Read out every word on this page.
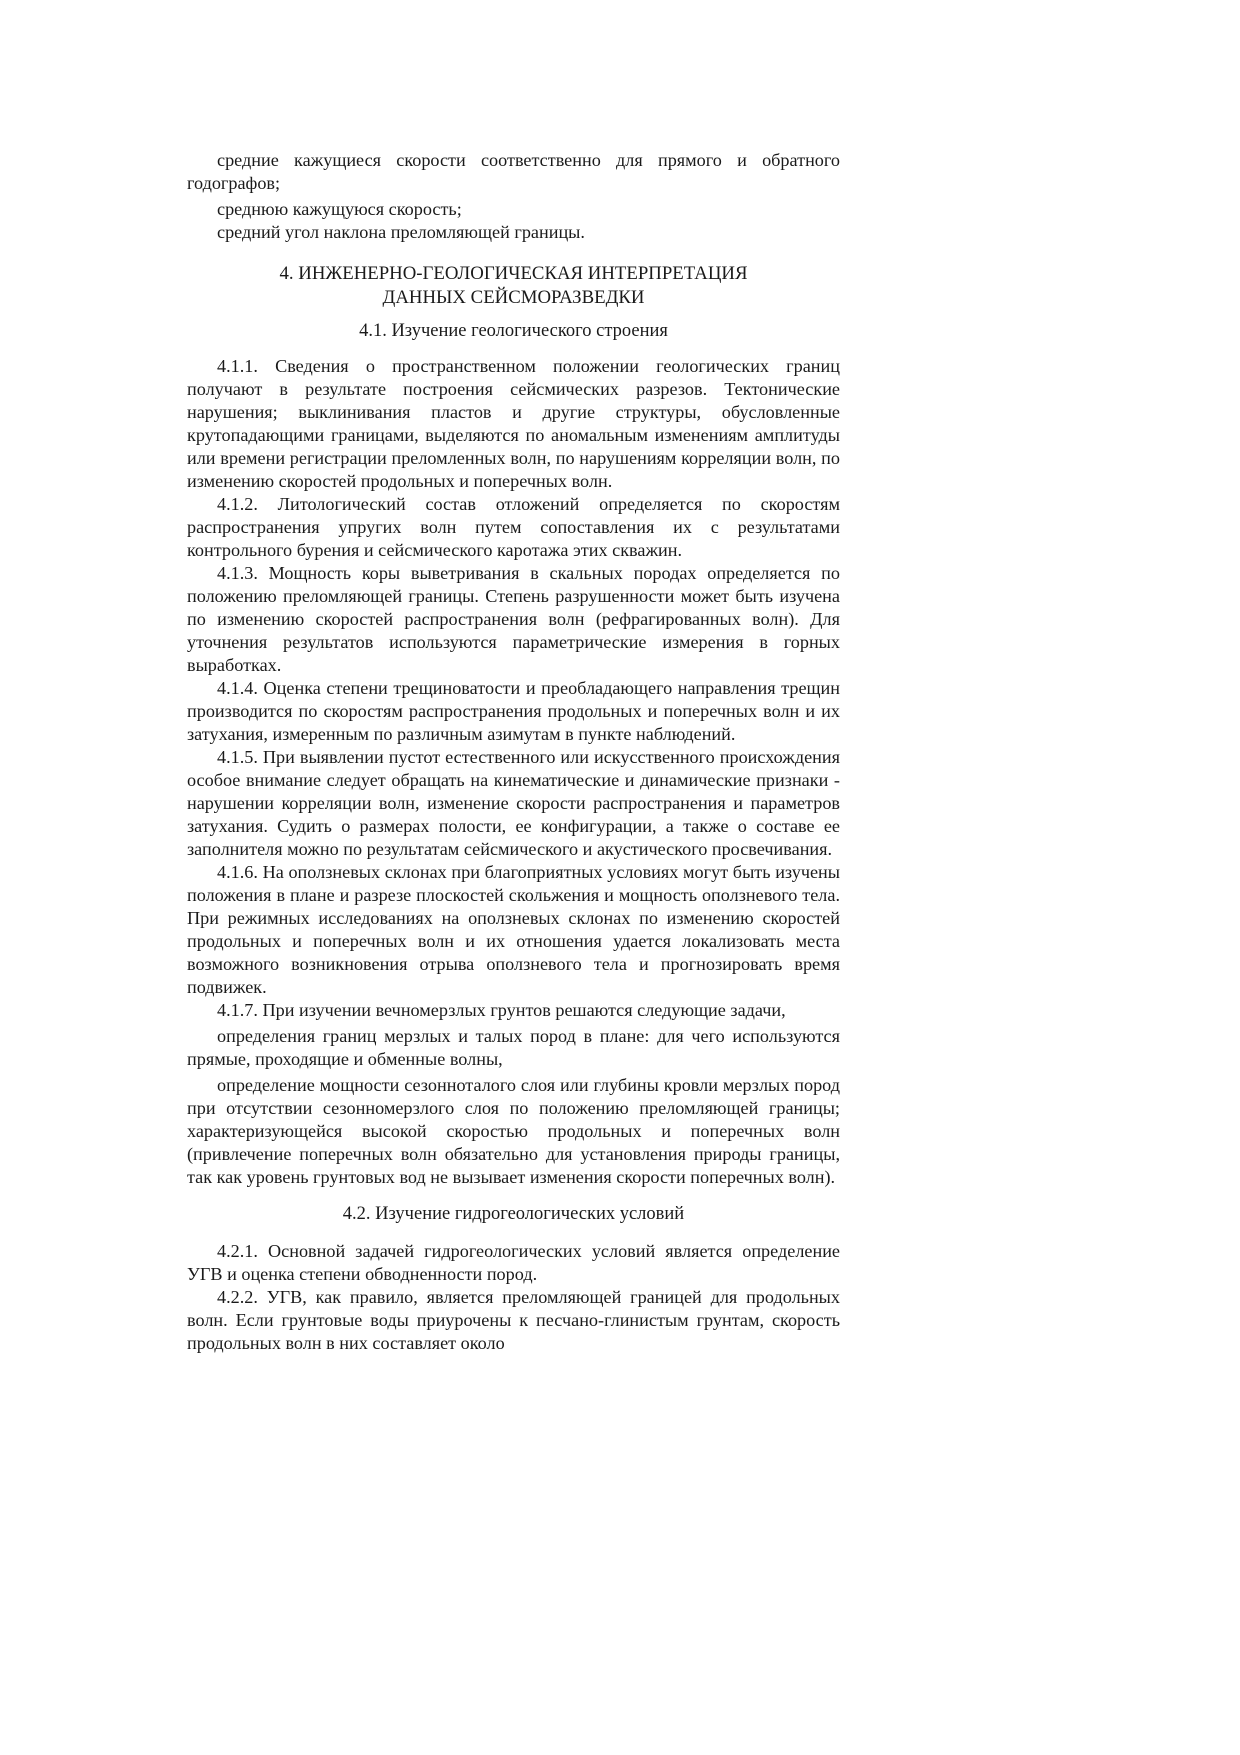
средние кажущиеся скорости соответственно для прямого и обратного годографов;

среднюю кажущуюся скорость;

средний угол наклона преломляющей границы.

4. ИНЖЕНЕРНО-ГЕОЛОГИЧЕСКАЯ ИНТЕРПРЕТАЦИЯ
ДАННЫХ СЕЙСМОРАЗВЕДКИ
4.1. Изучение геологического строения

4.1.1. Сведения о пространственном положении геологических границ получают в результате построения сейсмических разрезов. Тектонические нарушения; выклинивания пластов и другие структуры, обусловленные крутопадающими границами, выделяются по аномальным изменениям амплитуды или времени регистрации преломленных волн, по нарушениям корреляции волн, по изменению скоростей продольных и поперечных волн.

4.1.2. Литологический состав отложений определяется по скоростям распространения упругих волн путем сопоставления их с результатами контрольного бурения и сейсмического каротажа этих скважин.

4.1.3. Мощность коры выветривания в скальных породах определяется по положению преломляющей границы. Степень разрушенности может быть изучена по изменению скоростей распространения волн (рефрагированных волн). Для уточнения результатов используются параметрические измерения в горных выработках.

4.1.4. Оценка степени трещиноватости и преобладающего направления трещин производится по скоростям распространения продольных и поперечных волн и их затухания, измеренным по различным азимутам в пункте наблюдений.

4.1.5. При выявлении пустот естественного или искусственного происхождения особое внимание следует обращать на кинематические и динамические признаки - нарушении корреляции волн, изменение скорости распространения и параметров затухания. Судить о размерах полости, ее конфигурации, а также о составе ее заполнителя можно по результатам сейсмического и акустического просвечивания.

4.1.6. На оползневых склонах при благоприятных условиях могут быть изучены положения в плане и разрезе плоскостей скольжения и мощность оползневого тела. При режимных исследованиях на оползневых склонах по изменению скоростей продольных и поперечных волн и их отношения удается локализовать места возможного возникновения отрыва оползневого тела и прогнозировать время подвижек.

4.1.7. При изучении вечномерзлых грунтов решаются следующие задачи,

определения границ мерзлых и талых пород в плане: для чего используются прямые, проходящие и обменные волны,

определение мощности сезонноталого слоя или глубины кровли мерзлых пород при отсутствии сезонномерзлого слоя по положению преломляющей границы; характеризующейся высокой скоростью продольных и поперечных волн (привлечение поперечных волн обязательно для установления природы границы, так как уровень грунтовых вод не вызывает изменения скорости поперечных волн).

4.2. Изучение гидрогеологических условий

4.2.1. Основной задачей гидрогеологических условий является определение УГВ и оценка степени обводненности пород.

4.2.2. УГВ, как правило, является преломляющей границей для продольных волн. Если грунтовые воды приурочены к песчано-глинистым грунтам, скорость продольных волн в них составляет около
